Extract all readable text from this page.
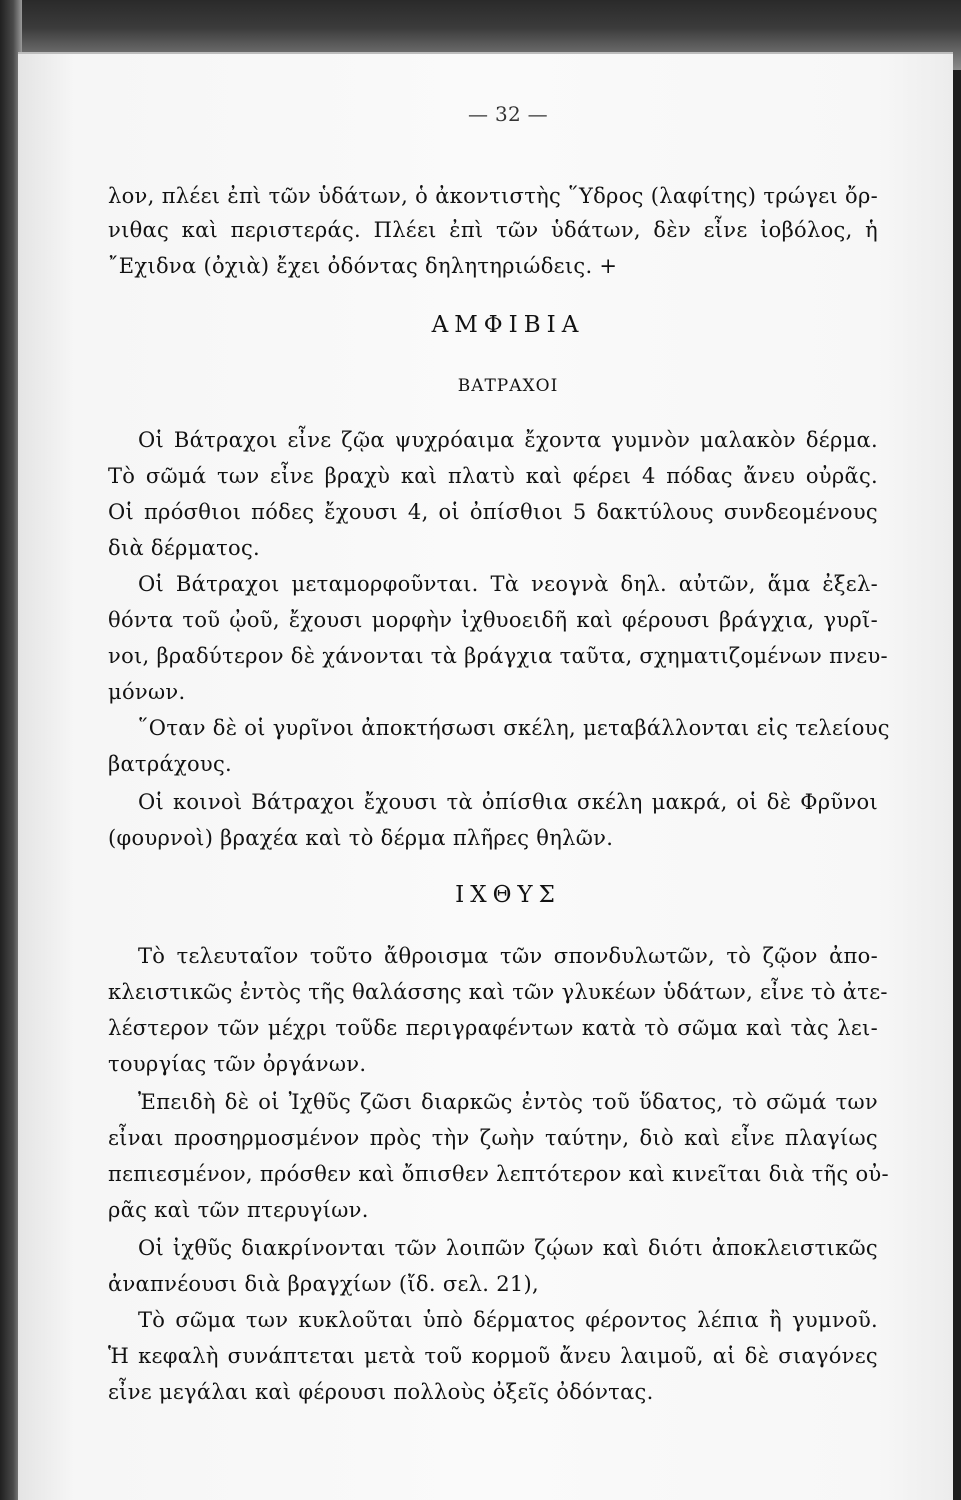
— 32 —
λον, πλέει ἐπὶ τῶν ὑδάτων, ὁ ἀκοντιστὴς ῞Υδρος (λαφίτης) τρώγει ὄρ-
νιθας καὶ περιστεράς. Πλέει ἐπὶ τῶν ὑδάτων, δὲν εἶνε ἰοβόλος, ἡ
῎Εχιδνα (ὀχιὰ) ἔχει ὀδόντας δηλητηριώδεις. +
ΑΜΦΙΒΙΑ
ΒΑΤΡΑΧΟΙ
Οἱ Βάτραχοι εἶνε ζῷα ψυχρόαιμα ἔχοντα γυμνὸν μαλακὸν δέρμα.
Τὸ σῶμά των εἶνε βραχὺ καὶ πλατὺ καὶ φέρει 4 πόδας ἄνευ οὐρᾶς.
Οἱ πρόσθιοι πόδες ἔχουσι 4, οἱ ὀπίσθιοι 5 δακτύλους συνδεομένους
διὰ δέρματος.
Οἱ Βάτραχοι μεταμορφοῦνται. Τὰ νεογνὰ δηλ. αὐτῶν, ἅμα ἐξελ-
θόντα τοῦ ᾠοῦ, ἔχουσι μορφὴν ἰχθυοειδῆ καὶ φέρουσι βράγχια, γυρῖ-
νοι, βραδύτερον δὲ χάνονται τὰ βράγχια ταῦτα, σχηματιζομένων πνευ-
μόνων.
῞Οταν δὲ οἱ γυρῖνοι ἀποκτήσωσι σκέλη, μεταβάλλονται εἰς τελείους
βατράχους.
Οἱ κοινοὶ Βάτραχοι ἔχουσι τὰ ὀπίσθια σκέλη μακρά, οἱ δὲ Φρῦνοι
(φουρνοὶ) βραχέα καὶ τὸ δέρμα πλῆρες θηλῶν.
ΙΧΘΥΣ
Τὸ τελευταῖον τοῦτο ἄθροισμα τῶν σπονδυλωτῶν, τὸ ζῷον ἀπο-
κλειστικῶς ἐντὸς τῆς θαλάσσης καὶ τῶν γλυκέων ὑδάτων, εἶνε τὸ ἀτε-
λέστερον τῶν μέχρι τοῦδε περιγραφέντων κατὰ τὸ σῶμα καὶ τὰς λει-
τουργίας τῶν ὀργάνων.
Ἐπειδὴ δὲ οἱ Ἰχθῦς ζῶσι διαρκῶς ἐντὸς τοῦ ὕδατος, τὸ σῶμά των
εἶναι προσηρμοσμένον πρὸς τὴν ζωὴν ταύτην, διὸ καὶ εἶνε πλαγίως
πεπιεσμένον, πρόσθεν καὶ ὄπισθεν λεπτότερον καὶ κινεῖται διὰ τῆς οὐ-
ρᾶς καὶ τῶν πτερυγίων.
Οἱ ἰχθῦς διακρίνονται τῶν λοιπῶν ζῴων καὶ διότι ἀποκλειστικῶς
ἀναπνέουσι διὰ βραγχίων (ἴδ. σελ. 21),
Τὸ σῶμα των κυκλοῦται ὑπὸ δέρματος φέροντος λέπια ἢ γυμνοῦ.
Ἡ κεφαλὴ συνάπτεται μετὰ τοῦ κορμοῦ ἄνευ λαιμοῦ, αἱ δὲ σιαγόνες
εἶνε μεγάλαι καὶ φέρουσι πολλοὺς ὀξεῖς ὀδόντας.
